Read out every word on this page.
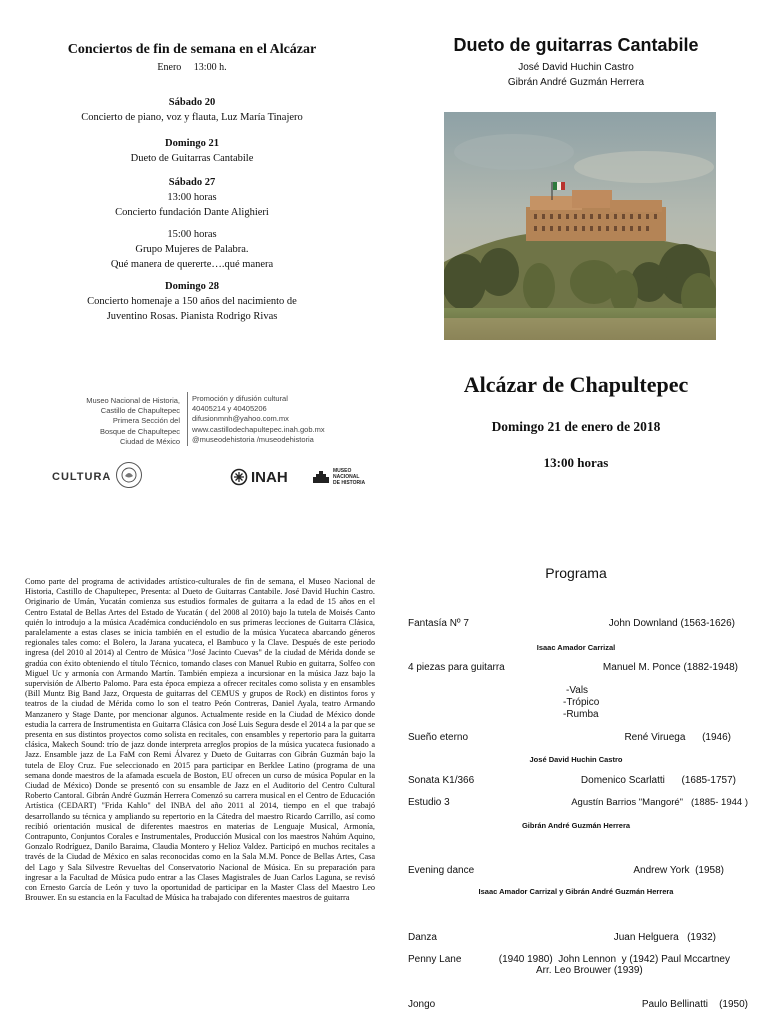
Conciertos de fin de semana en el Alcázar
Enero     13:00 h.
Sábado 20
Concierto de piano, voz y flauta, Luz María Tinajero
Domingo 21
Dueto de Guitarras Cantabile
Sábado 27
13:00 horas
Concierto fundación Dante Alighieri
15:00 horas
Grupo Mujeres de Palabra.
Qué manera de quererte….qué manera
Domingo 28
Concierto homenaje a 150 años del nacimiento de
Juventino Rosas. Pianista Rodrigo Rivas
Museo Nacional de Historia,
Castillo de Chapultepec
Primera Sección del
Bosque de Chapultepec
Ciudad de México
Promoción y difusión cultural
40405214 y 40405206
difusionmnh@yahoo.com.mx
www.castillodechapultepec.inah.gob.mx
@museodehistoria /museodehistoria
CULTURA	INAH	MUSEO
NACIONAL
DE HISTORIA
Dueto de guitarras Cantabile
José David Huchin Castro
Gibrán André Guzmán Herrera
Alcázar de Chapultepec
Domingo 21 de enero de 2018
13:00 horas
Como parte del programa de actividades artístico-culturales de fin de semana, el Museo Nacional de Historia, Castillo de Chapultepec, Presenta: al Dueto de Guitarras Cantabile. José David Huchin Castro. Originario de Umán, Yucatán comienza sus estudios formales de guitarra a la edad de 15 años en el Centro Estatal de Bellas Artes del Estado de Yucatán ( del 2008 al 2010) bajo la tutela de Moisés Canto quién lo introdujo a la música Académica conduciéndolo en sus primeras lecciones de Guitarra Clásica, paralelamente a estas clases se inicia también en el estudio de la música Yucateca abarcando géneros regionales tales como: el Bolero, la Jarana yucateca, el Bambuco y la Clave. Después de este periodo ingresa (del 2010 al 2014) al Centro de Música "José Jacinto Cuevas" de la ciudad de Mérida donde se gradúa con éxito obteniendo el título Técnico, tomando clases con Manuel Rubio en guitarra, Solfeo con Miguel Uc y armonía con Armando Martín. También empieza a incursionar en la música Jazz bajo la supervisión de Alberto Palomo. Para esta época empieza a ofrecer recitales como solista y en ensambles (Bill Muntz Big Band Jazz, Orquesta de guitarras del CEMUS y grupos de Rock) en distintos foros y teatros de la ciudad de Mérida como lo son el teatro Peón Contreras, Daniel Ayala, teatro Armando Manzanero y Stage Dante, por mencionar algunos. Actualmente reside en la Ciudad de México donde estudia la carrera de Instrumentista en Guitarra Clásica con José Luis Segura desde el 2014 a la par que se presenta en sus distintos proyectos como solista en recitales, con ensambles y repertorio para la guitarra clásica, Makech Sound: trío de jazz donde interpreta arreglos propios de la música yucateca fusionado a Jazz. Ensamble jazz de La FaM con Remi Álvarez y Dueto de Guitarras con Gibrán Guzmán bajo la tutela de Eloy Cruz. Fue seleccionado en 2015 para participar en Berklee Latino (programa de una semana donde maestros de la afamada escuela de Boston, EU ofrecen un curso de música Popular en la Ciudad de México) Donde se presentó con su ensamble de Jazz en el Auditorio del Centro Cultural Roberto Cantoral. Gibrán André Guzmán Herrera Comenzó su carrera musical en el Centro de Educación Artística (CEDART) "Frida Kahlo" del INBA del año 2011 al 2014, tiempo en el que trabajó desarrollando su técnica y ampliando su repertorio en la Cátedra del maestro Ricardo Carrillo, así como recibió orientación musical de diferentes maestros en materias de Lenguaje Musical, Armonía, Contrapunto, Conjuntos Corales e Instrumentales, Producción Musical con los maestros Nahúm Aquino, Gonzalo Rodríguez, Danilo Baraima, Claudia Montero y Helioz Valdez. Participó en muchos recitales a través de la Ciudad de México en salas reconocidas como en la Sala M.M. Ponce de Bellas Artes, Casa del Lago y Sala Silvestre Revueltas del Conservatorio Nacional de Música. En su preparación para ingresar a la Facultad de Música pudo entrar a las Clases Magistrales de Juan Carlos Laguna, se revisó con Ernesto García de León y tuvo la oportunidad de participar en la Master Class del Maestro Leo Brouwer. En su estancia en la Facultad de Música ha trabajado con diferentes maestros de guitarra
Programa
Fantasía Nº 7	John Downland (1563-1626)
Isaac Amador Carrizal
4 piezas para guitarra	Manuel M. Ponce (1882-1948)
-Vals
-Trópico
-Rumba
Sueño eterno	René Viruega      (1946)
José David Huchin Castro
Sonata K1/366	Domenico Scarlatti      (1685-1757)
Estudio 3	Agustín Barrios "Mangoré"   (1885- 1944 )
Gibrán André Guzmán Herrera
Evening dance	Andrew York  (1958)
Isaac Amador Carrizal y Gibrán André Guzmán Herrera
Danza	Juan Helguera   (1932)
Penny Lane	(1940 1980)  John Lennon  y (1942) Paul Mccartney
Arr. Leo Brouwer (1939)
Jongo	Paulo Bellinatti    (1950)
